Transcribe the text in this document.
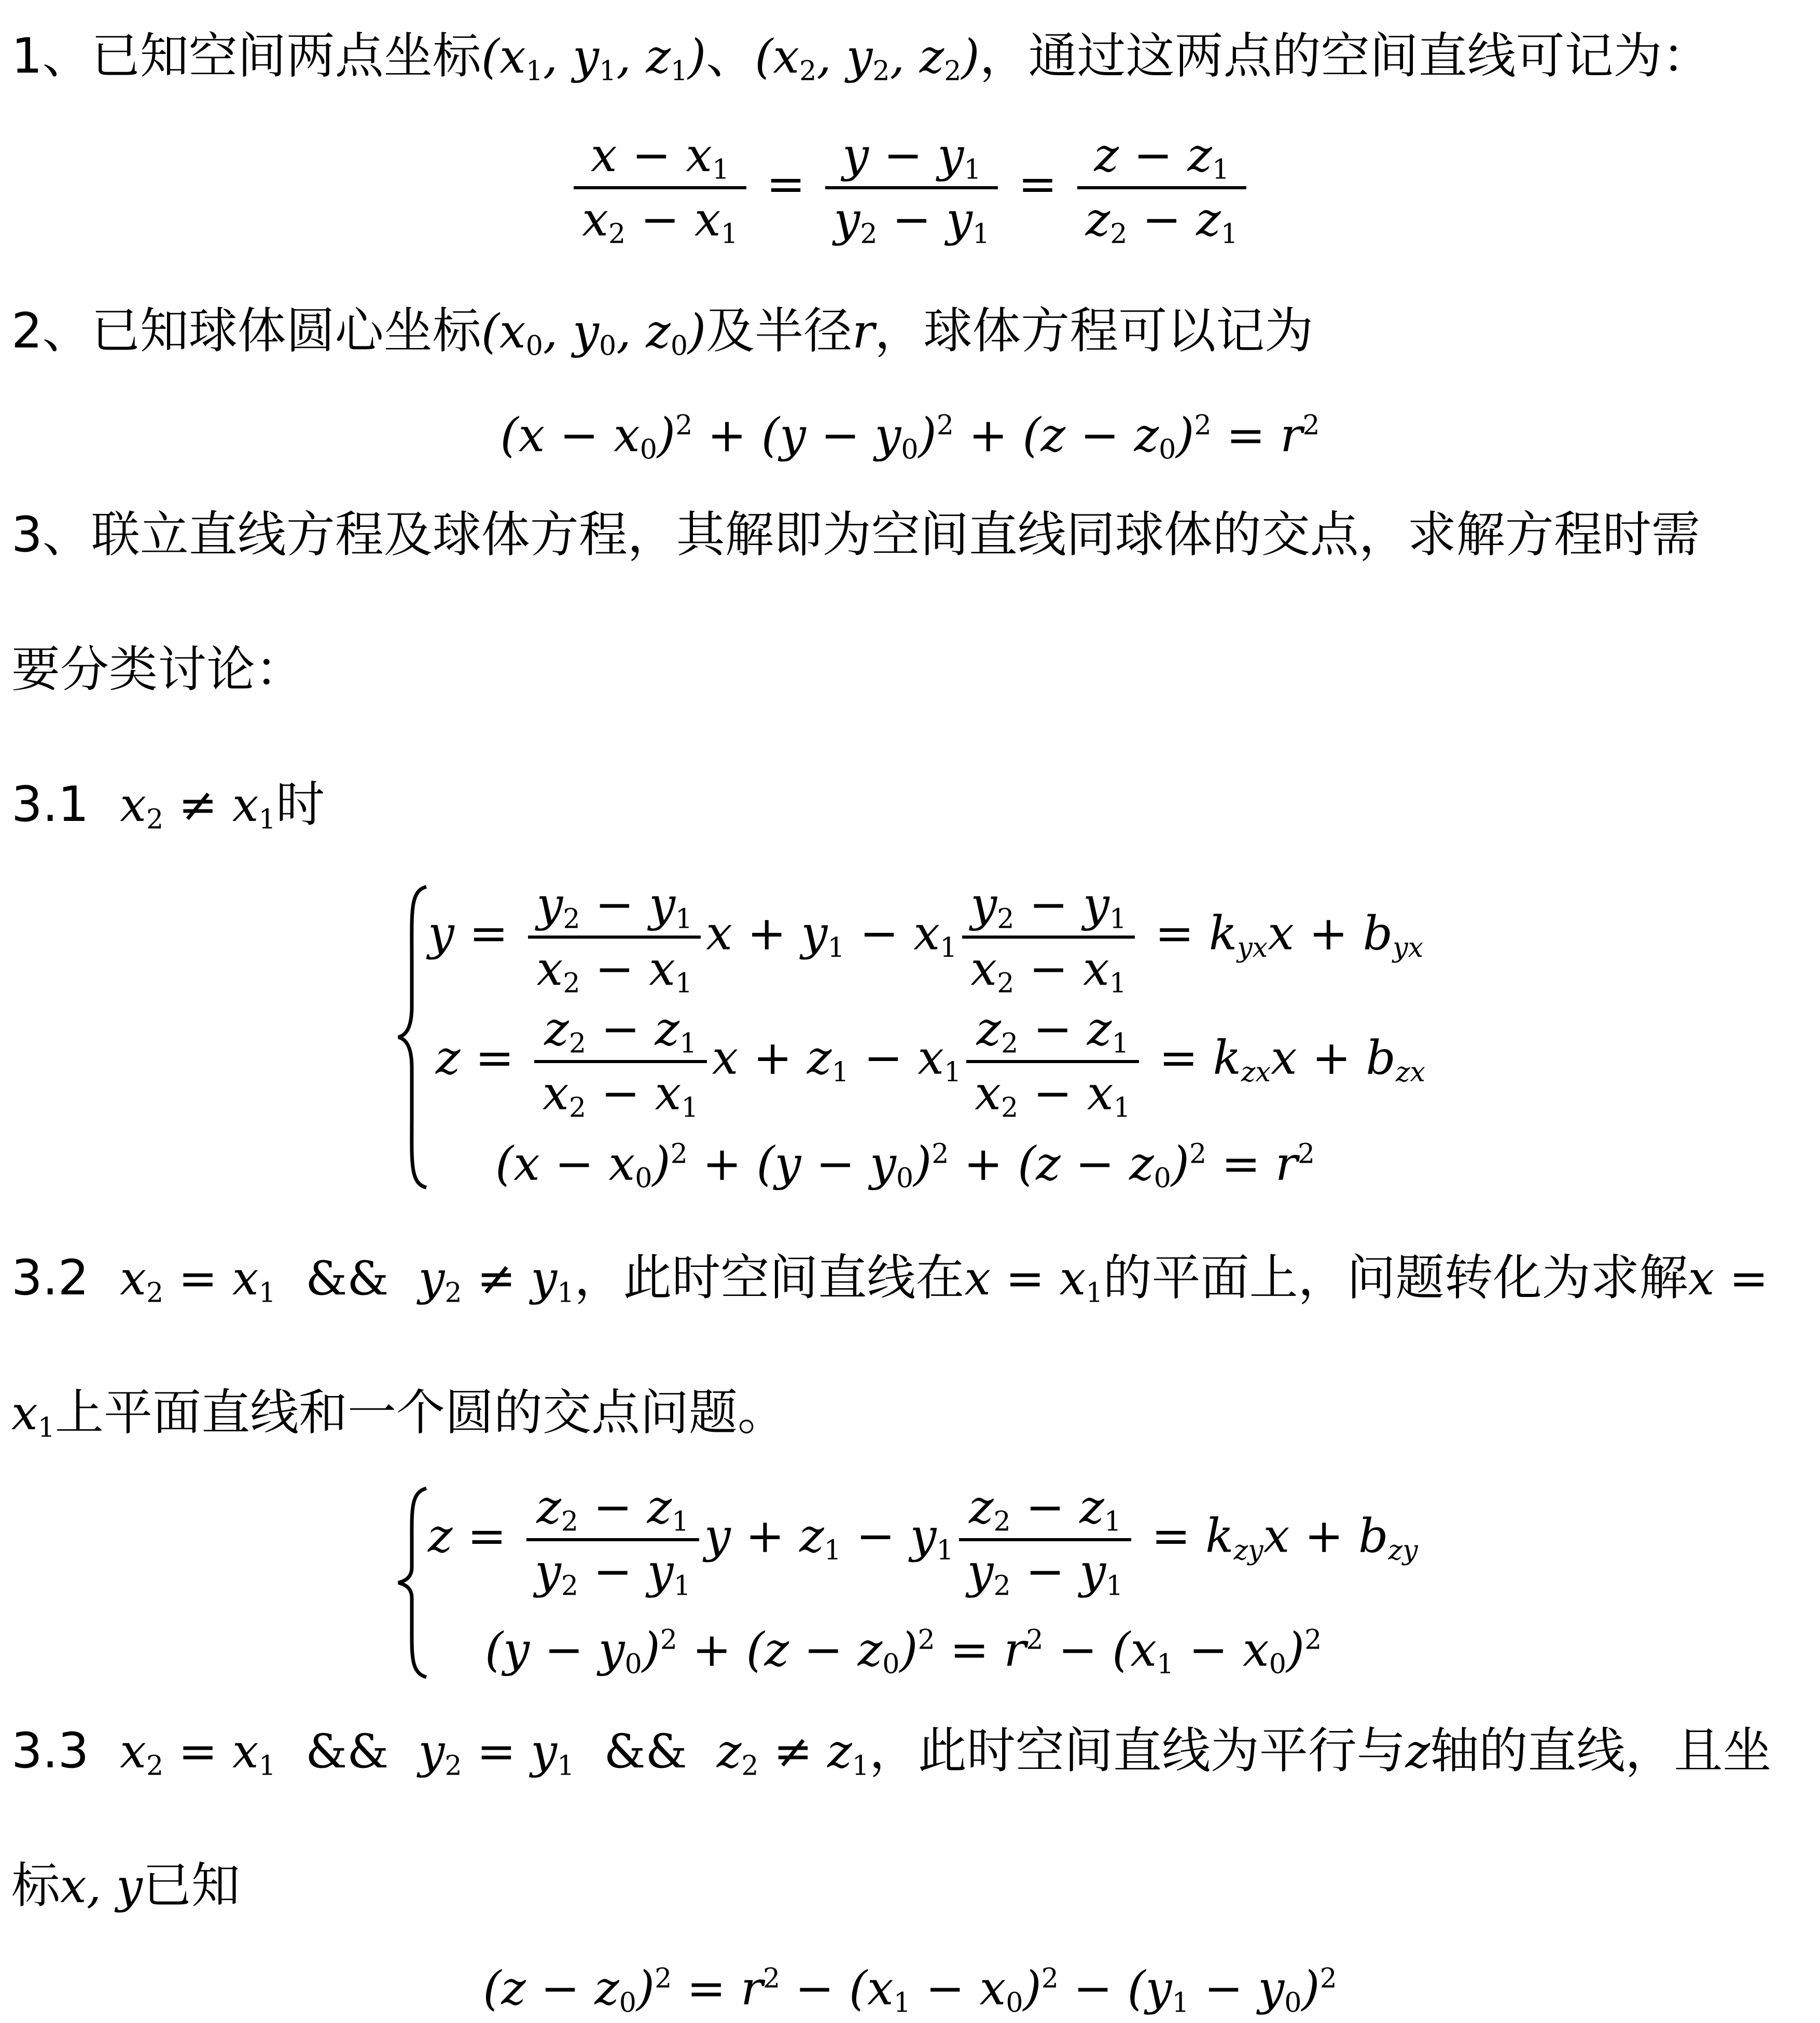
1、已知空间两点坐标($x_1$, $y_1$, $z_1$)、($x_2$, $y_2$, $z_2$)，通过这两点的空间直线可记为：
$\frac{x - x_1}{x_2 - x_1} = \frac{y - y_1}{y_2 - y_1} = \frac{z - z_1}{z_2 - z_1}$
2、已知球体圆心坐标($x_0$, $y_0$, $z_0$)及半径r，球体方程可以记为
$(x - x_0)^2 + (y - y_0)^2 + (z - z_0)^2 = r^2$
3、联立直线方程及球体方程，其解即为空间直线同球体的交点，求解方程时需
要分类讨论：
3.1 $x_2 \ne x_1$时
$y = \frac{y_2 - y_1}{x_2 - x_1}$ $x + y_1 - x_1 \frac{y_2 - y_1}{x_2 - x_1} = k_{yx}x + b_{yx}$
$z = \frac{z_2 - z_1}{x_2 - x_1}$ $x + z_1 - x_1 \frac{z_2 - z_1}{x_2 - x_1} = k_{zx}x + b_{zx}$
$(x - x_0)^2 + (y - y_0)^2 + (z - z_0)^2 = r^2$
3.2 $x_2 = x_1$ &&  $y_2 \ne y_1$，此时空间直线在$x = x_1$的平面上，问题转化为求解x =
$x_1$上平面直线和一个圆的交点问题。
$z = \frac{z_2 - z_1}{y_2 - y_1}$ $y + z_1 - y_1 \frac{z_2 - z_1}{y_2 - y_1} = k_{zy}x + b_{zy}$
$(y - y_0)^2 + (z - z_0)^2 = r^2 - (x_1 - x_0)^2$
3.3 $x_2 = x_1$ &&  $y_2 = y_1$ &&  $z_2 \ne z_1$，此时空间直线为平行与z轴的直线，且坐
标x, y已知
$(z - z_0)^2 = r^2 - (x_1 - x_0)^2 - (y_1 - y_0)^2$
